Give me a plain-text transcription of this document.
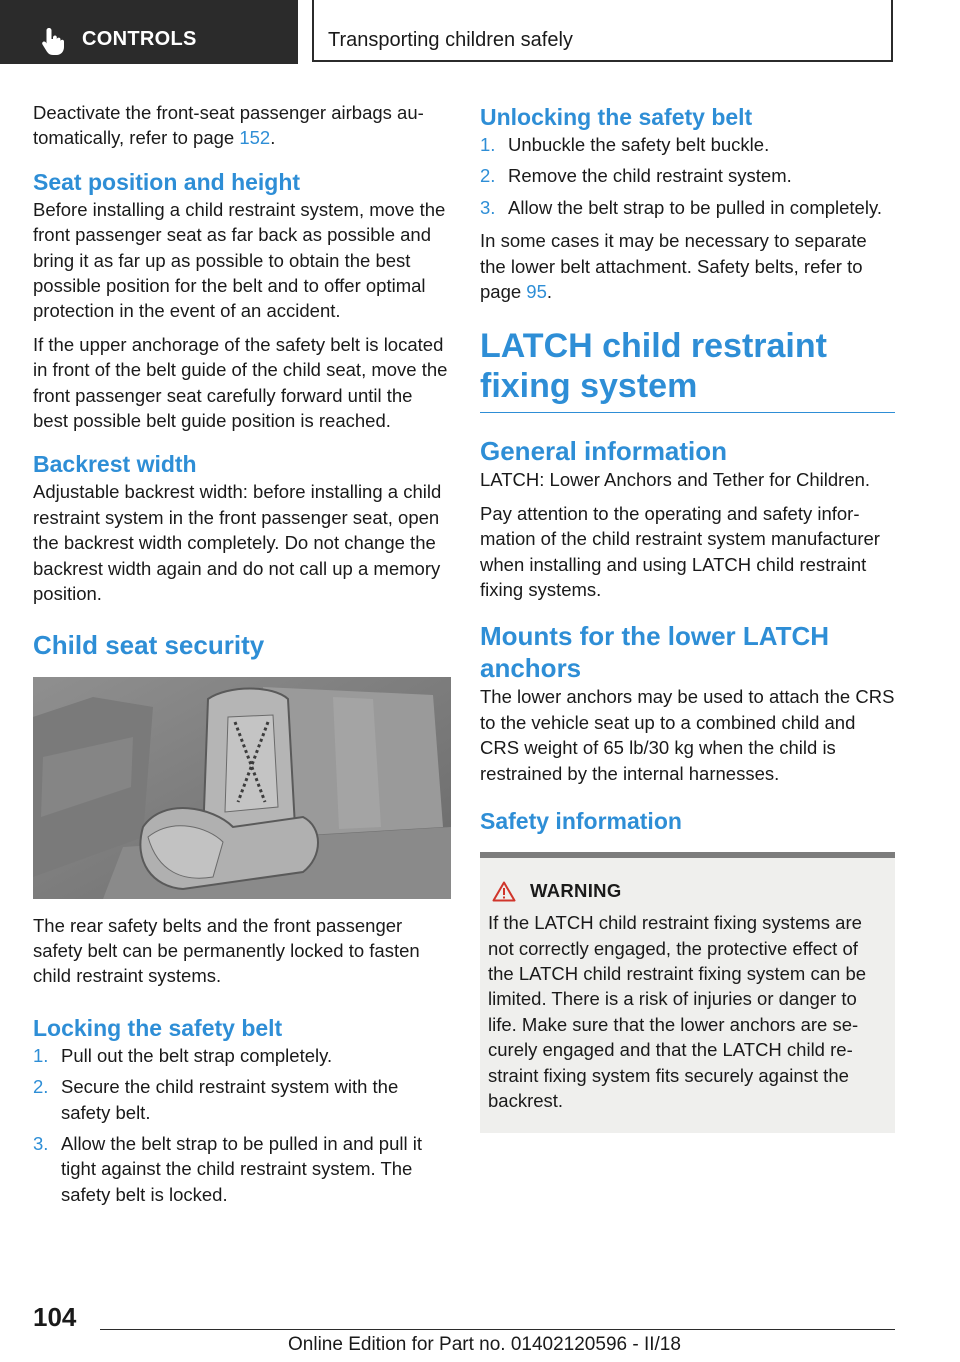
CONTROLS	Transporting children safely

Deactivate the front-seat passenger airbags automatically, refer to page 152.

Seat position and height

Before installing a child restraint system, move the front passenger seat as far back as possible and bring it as far up as possible to obtain the best possible position for the belt and to offer optimal protection in the event of an accident.

If the upper anchorage of the safety belt is located in front of the belt guide of the child seat, move the front passenger seat carefully forward until the best possible belt guide position is reached.

Backrest width

Adjustable backrest width: before installing a child restraint system in the front passenger seat, open the backrest width completely. Do not change the backrest width again and do not call up a memory position.

Child seat security

The rear safety belts and the front passenger safety belt can be permanently locked to fasten child restraint systems.

Locking the safety belt
1. Pull out the belt strap completely.
2. Secure the child restraint system with the safety belt.
3. Allow the belt strap to be pulled in and pull it tight against the child restraint system. The safety belt is locked.
Unlocking the safety belt
1. Unbuckle the safety belt buckle.
2. Remove the child restraint system.
3. Allow the belt strap to be pulled in completely.

In some cases it may be necessary to separate the lower belt attachment. Safety belts, refer to page 95.

LATCH child restraint fixing system
General information

LATCH: Lower Anchors and Tether for Children.

Pay attention to the operating and safety information of the child restraint system manufacturer when installing and using LATCH child restraint fixing systems.

Mounts for the lower LATCH anchors

The lower anchors may be used to attach the CRS to the vehicle seat up to a combined child and CRS weight of 65 lb/30 kg when the child is restrained by the internal harnesses.

Safety information
WARNING

If the LATCH child restraint fixing systems are not correctly engaged, the protective effect of the LATCH child restraint fixing system can be limited. There is a risk of injuries or danger to life. Make sure that the lower anchors are securely engaged and that the LATCH child restraint fixing system fits securely against the backrest.

104
Online Edition for Part no. 01402120596 - II/18
